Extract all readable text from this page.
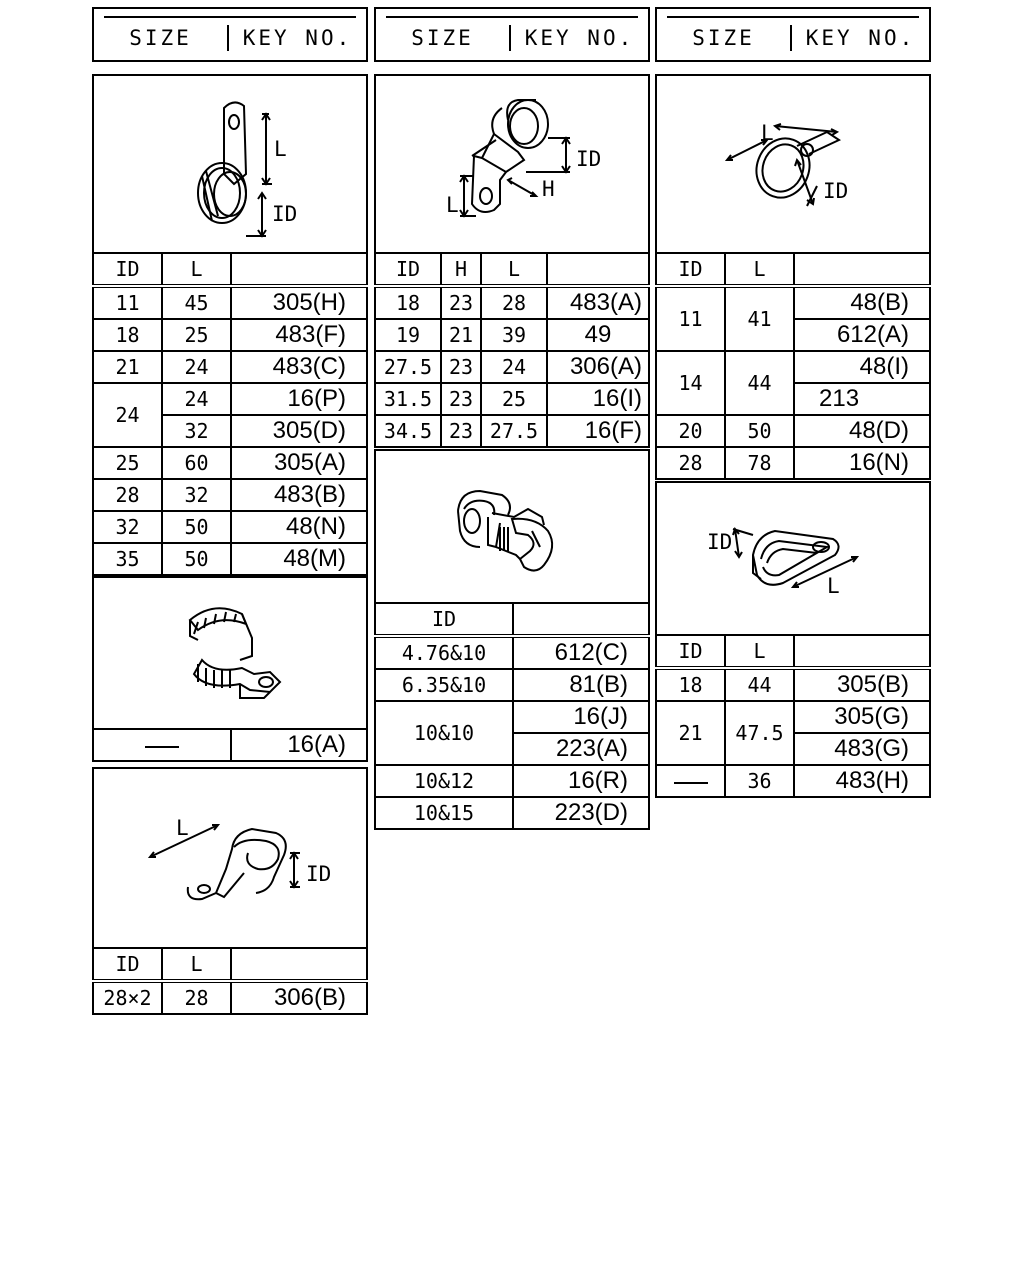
SIZE	KEY NO.	SIZE	KEY NO.	SIZE	KEY NO.
L
ID
ID	L	
11	45	305(H)
18	25	483(F)
21	24	483(C)
24	24	16(P)
	32	305(D)
25	60	305(A)
28	32	483(B)
32	50	48(N)
35	50	48(M)
	16(A)
L
ID
ID	L	
28×2	28	306(B)
L
H
ID
ID	H	L	
18	23	28	483(A)
19	21	39	49
27.5	23	24	306(A)
31.5	23	25	16(I)
34.5	23	27.5	16(F)
ID	
4.76&10	612(C)
6.35&10	81(B)
10&10	16(J)
	223(A)
10&12	16(R)
10&15	223(D)
L
ID
ID	L	
11	41	48(B)
		612(A)
14	44	48(I)
		213
20	50	48(D)
28	78	16(N)
ID
L
ID	L	
18	44	305(B)
21	47.5	305(G)
		483(G)
	36	483(H)
